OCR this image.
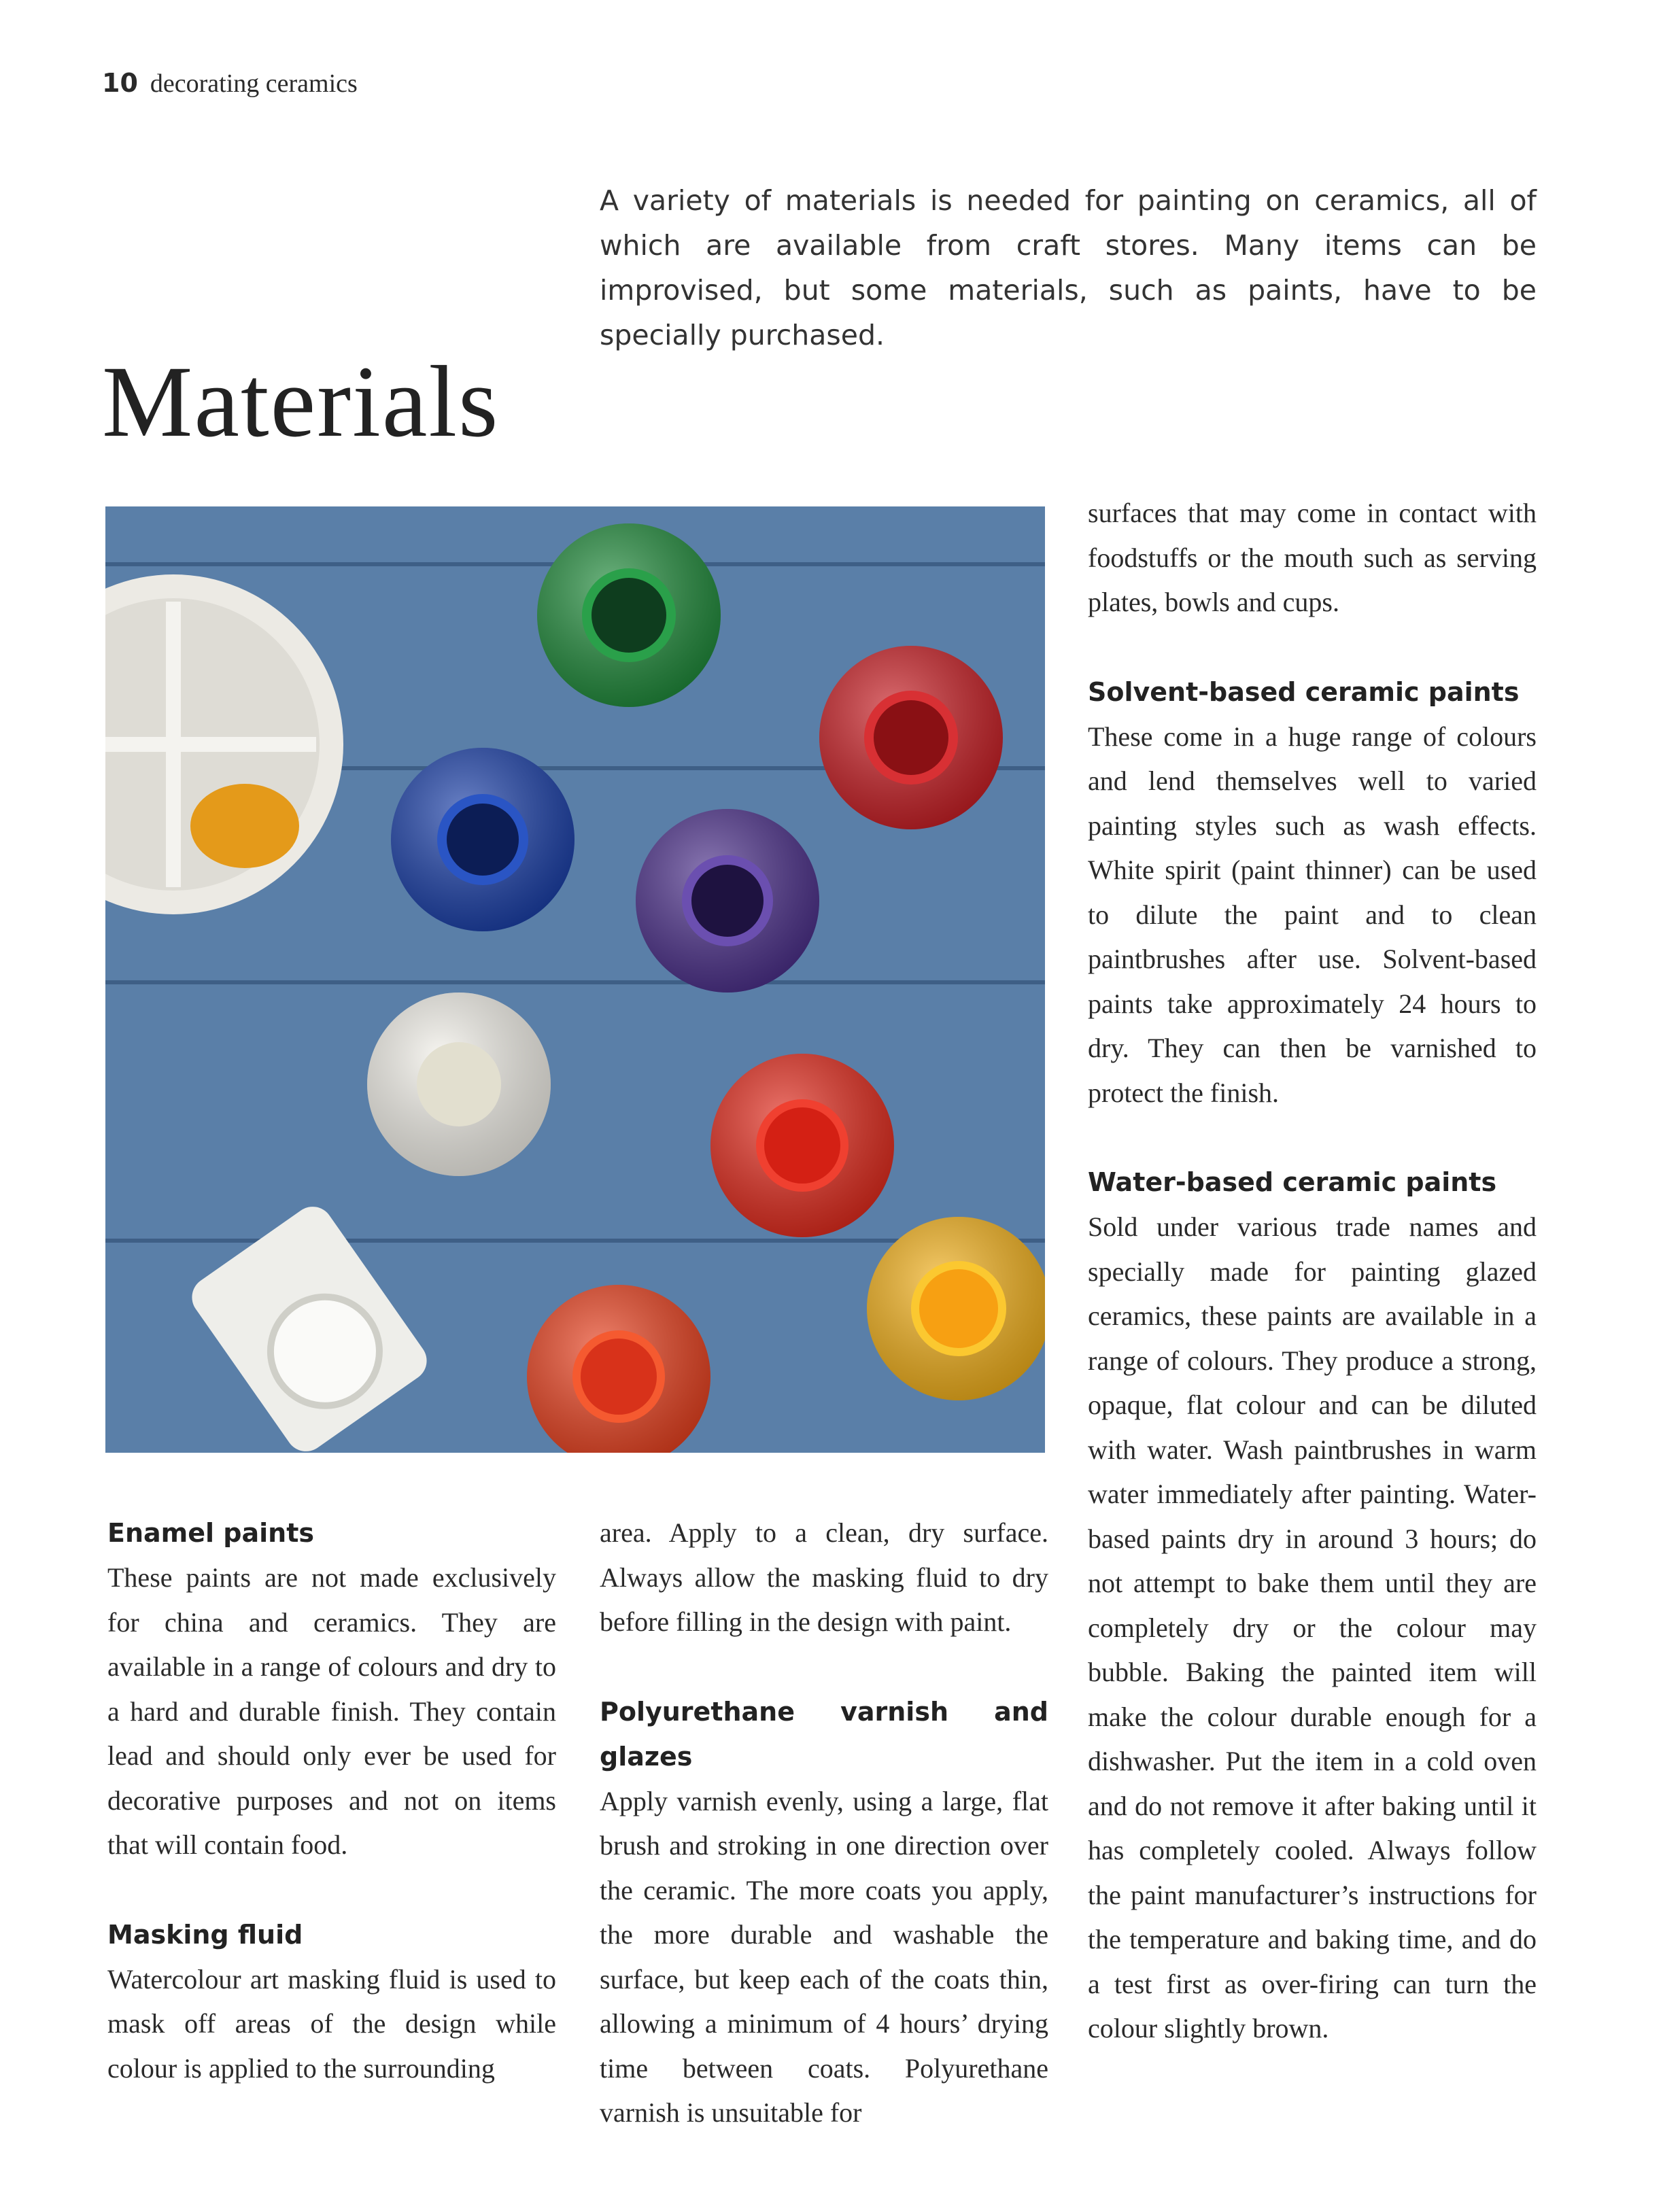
10 decorating ceramics
A variety of materials is needed for painting on ceramics, all of which are available from craft stores. Many items can be improvised, but some materials, such as paints, have to be specially purchased.
Materials
Enamel paints

These paints are not made exclusively for china and ceramics. They are available in a range of colours and dry to a hard and durable finish. They contain lead and should only ever be used for decorative purposes and not on items that will contain food.

Masking fluid

Watercolour art masking fluid is used to mask off areas of the design while colour is applied to the surrounding

area. Apply to a clean, dry surface. Always allow the masking fluid to dry before filling in the design with paint.

Polyurethane varnish and glazes

Apply varnish evenly, using a large, flat brush and stroking in one direction over the ceramic. The more coats you apply, the more durable and washable the surface, but keep each of the coats thin, allowing a minimum of 4 hours’ drying time between coats. Polyurethane varnish is unsuitable for

surfaces that may come in contact with foodstuffs or the mouth such as serving plates, bowls and cups.

Solvent-based ceramic paints

These come in a huge range of colours and lend themselves well to varied painting styles such as wash effects. White spirit (paint thinner) can be used to dilute the paint and to clean paintbrushes after use. Solvent-based paints take approximately 24 hours to dry. They can then be varnished to protect the finish.

Water-based ceramic paints

Sold under various trade names and specially made for painting glazed ceramics, these paints are available in a range of colours. They produce a strong, opaque, flat colour and can be diluted with water. Wash paintbrushes in warm water immediately after painting. Water-based paints dry in around 3 hours; do not attempt to bake them until they are completely dry or the colour may bubble. Baking the painted item will make the colour durable enough for a dishwasher. Put the item in a cold oven and do not remove it after baking until it has completely cooled. Always follow the paint manufacturer’s instructions for the temperature and baking time, and do a test first as over-firing can turn the colour slightly brown.
